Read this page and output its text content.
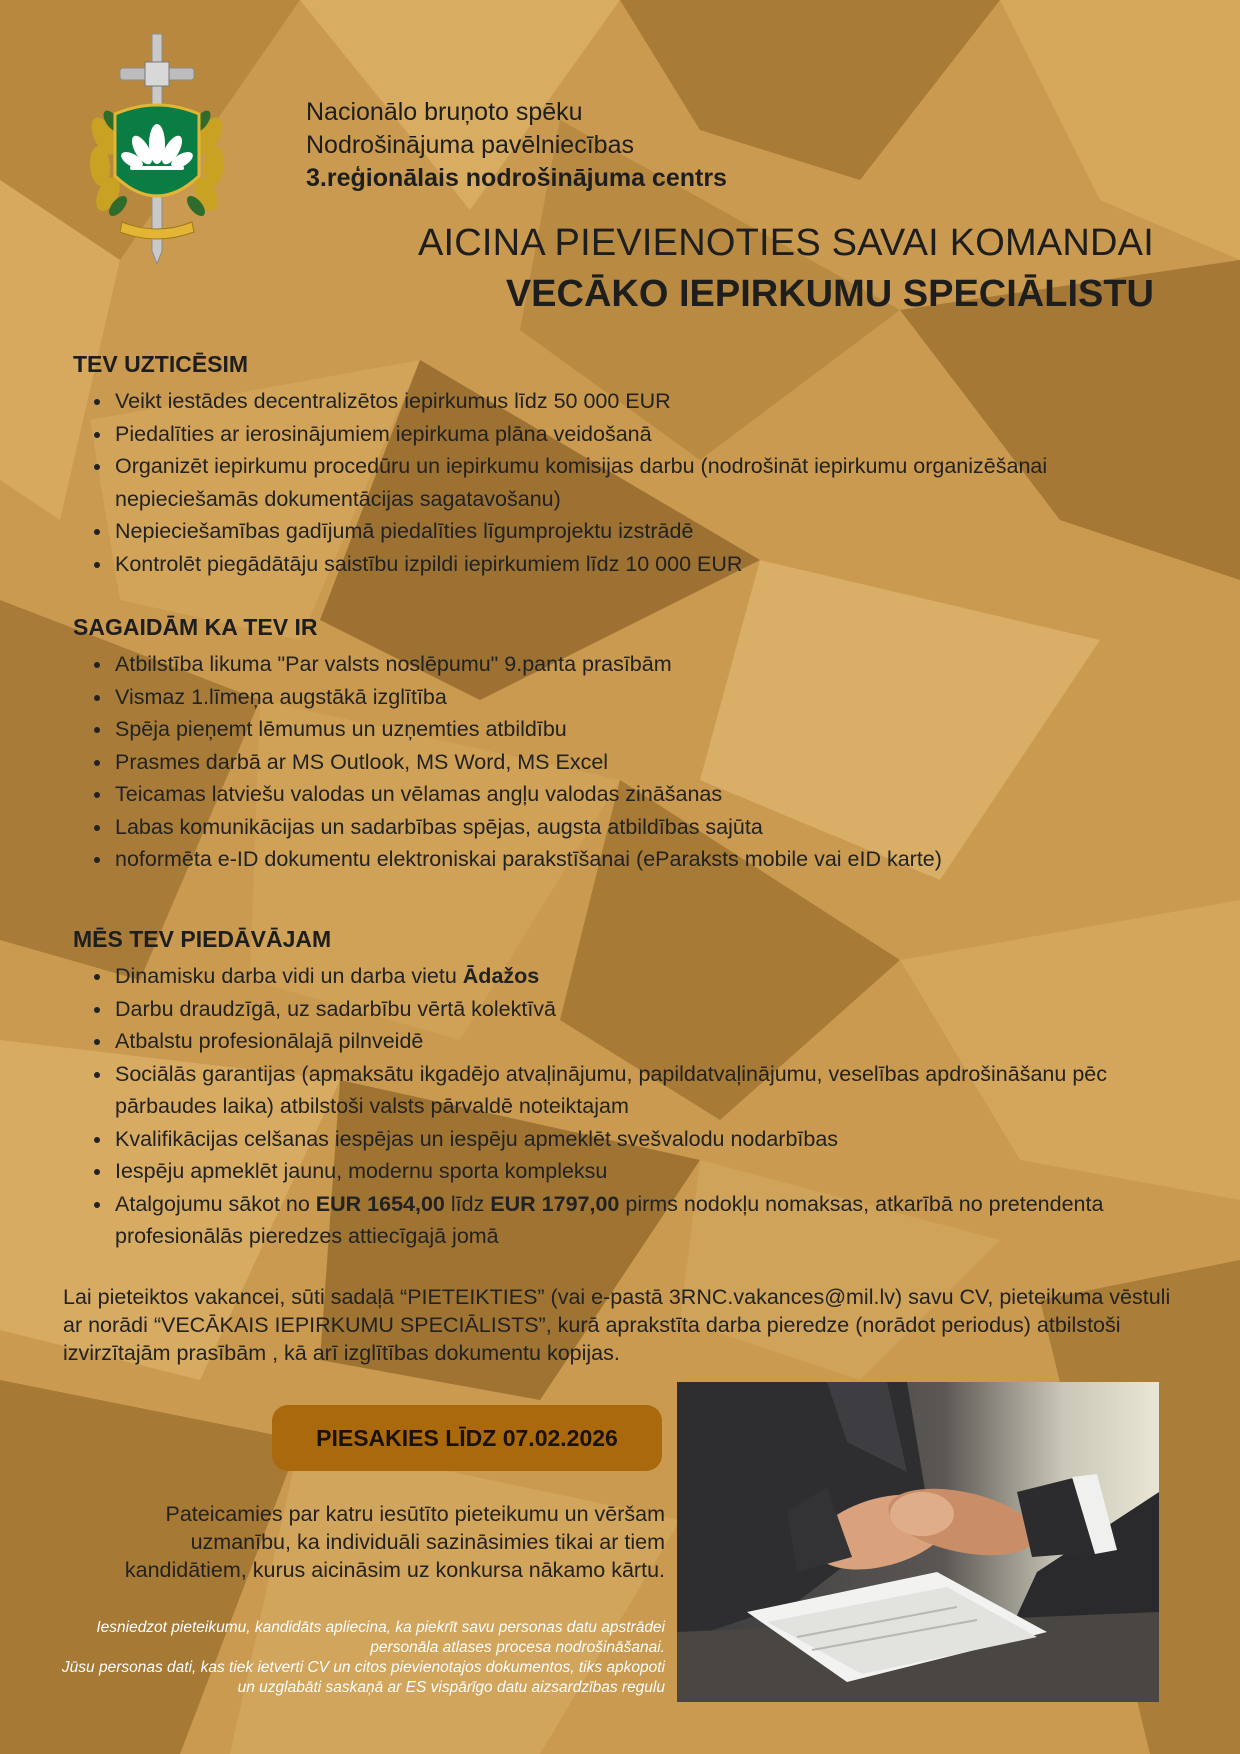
Nacionālo bruņoto spēku
Nodrošinājuma pavēlniecības
3.reģionālais nodrošinājuma centrs
AICINA PIEVIENOTIES SAVAI KOMANDAI
VECĀKO IEPIRKUMU SPECIĀLISTU
TEV UZTICĒSIM
• Veikt iestādes decentralizētos iepirkumus līdz 50 000 EUR
• Piedalīties ar ierosinājumiem iepirkuma plāna veidošanā
• Organizēt iepirkumu procedūru un iepirkumu komisijas darbu (nodrošināt iepirkumu organizēšanai nepieciešamās dokumentācijas sagatavošanu)
• Nepieciešamības gadījumā piedalīties līgumprojektu izstrādē
• Kontrolēt piegādātāju saistību izpildi iepirkumiem līdz 10 000 EUR
SAGAIDĀM KA TEV IR
• Atbilstība likuma "Par valsts noslēpumu" 9.panta prasībām
• Vismaz 1.līmeņa augstākā izglītība
• Spēja pieņemt lēmumus un uzņemties atbildību
• Prasmes darbā ar MS Outlook, MS Word, MS Excel
• Teicamas latviešu valodas un vēlamas angļu valodas zināšanas
• Labas komunikācijas un sadarbības spējas, augsta atbildības sajūta
• noformēta e-ID dokumentu elektroniskai parakstīšanai (eParaksts mobile vai eID karte)
MĒS TEV PIEDĀVĀJAM
• Dinamisku darba vidi un darba vietu Ādažos
• Darbu draudzīgā, uz sadarbību vērtā kolektīvā
• Atbalstu profesionālajā pilnveidē
• Sociālās garantijas (apmaksātu ikgadējo atvaļinājumu, papildatvaļinājumu, veselības apdrošināšanu pēc pārbaudes laika) atbilstoši valsts pārvaldē noteiktajam
• Kvalifikācijas celšanas iespējas un iespēju apmeklēt svešvalodu nodarbības
• Iespēju apmeklēt jaunu, modernu sporta kompleksu
• Atalgojumu sākot no EUR 1654,00 līdz EUR 1797,00 pirms nodokļu nomaksas, atkarībā no pretendenta profesionālās pieredzes attiecīgajā jomā
Lai pieteiktos vakancei, sūti sadaļā “PIETEIKTIES” (vai e-pastā 3RNC.vakances@mil.lv) savu CV, pieteikuma vēstuli ar norādi “VECĀKAIS IEPIRKUMU SPECIĀLISTS”, kurā aprakstīta darba pieredze (norādot periodus) atbilstoši izvirzītajām prasībām , kā arī izglītības dokumentu kopijas.
PIESAKIES LĪDZ 07.02.2026
Pateicamies par katru iesūtīto pieteikumu un vēršam uzmanību, ka individuāli sazināsimies tikai ar tiem kandidātiem, kurus aicināsim uz konkursa nākamo kārtu.
Iesniedzot pieteikumu, kandidāts apliecina, ka piekrīt savu personas datu apstrādei personāla atlases procesa nodrošināšanai.
Jūsu personas dati, kas tiek ietverti CV un citos pievienotajos dokumentos, tiks apkopoti un uzglabāti saskaņā ar ES vispārīgo datu aizsardzības regulu
